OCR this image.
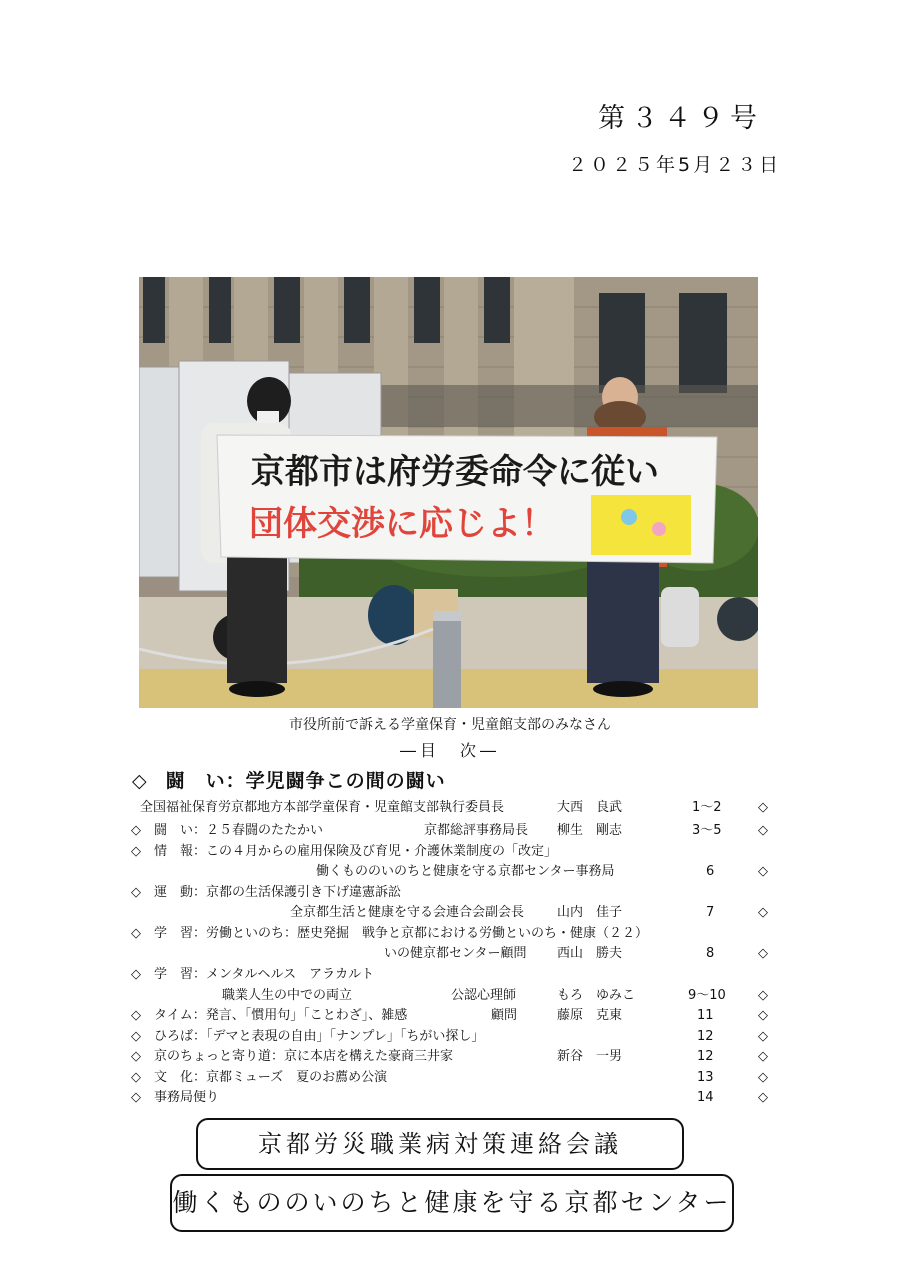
第３４９号
２０２５年5月２３日
京都市は府労委命令に従い
団体交渉に応じよ！
市役所前で訴える学童保育・児童館支部のみなさん
―目　次―
◇ 闘　い：学児闘争この間の闘い
全国福祉保育労京都地方本部学童保育・児童館支部執行委員長	大西　良武	1～2	◇
◇　闘　い：２５春闘のたたかい	京都総評事務局長 柳生　剛志	3～5	◇
◇　情　報：この４月からの雇用保険及び育児・介護休業制度の「改定」
働くもののいのちと健康を守る京都センター事務局	6	◇
◇　運　動：京都の生活保護引き下げ違憲訴訟
全京都生活と健康を守る会連合会副会長	山内　佳子	7	◇
◇　学　習：労働といのち：歴史発掘　戦争と京都における労働といのち・健康（２２）
いの健京都センター顧問 西山　勝夫	8	◇
◇　学　習：メンタルヘルス　アラカルト
職業人生の中での両立	公認心理師	もろ　ゆみこ	9～10 ◇
◇　タイム：発言、「慣用句」「ことわざ」、雑感	顧問	藤原　克東	11	◇
◇　ひろば：「デマと表現の自由」「ナンプレ」「ちがい探し」	12	◇
◇　京のちょっと寄り道：京に本店を構えた豪商三井家	新谷　一男	12	◇
◇　文　化：京都ミューズ　夏のお薦め公演	13	◇
◇　事務局便り	14	◇
京都労災職業病対策連絡会議
働くもののいのちと健康を守る京都センター
